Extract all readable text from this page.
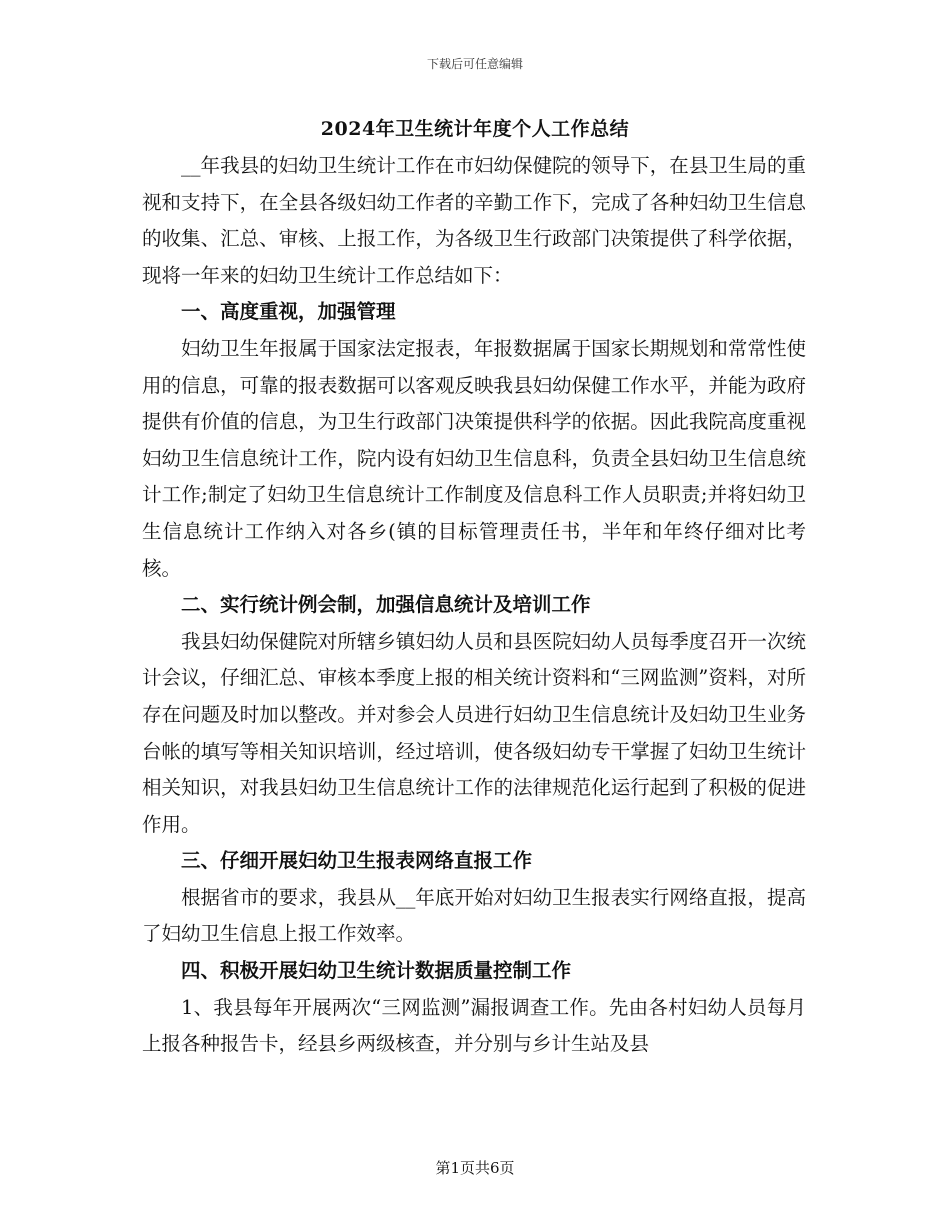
下载后可任意编辑
2024年卫生统计年度个人工作总结

__年我县的妇幼卫生统计工作在市妇幼保健院的领导下，在县卫生局的重视和支持下，在全县各级妇幼工作者的辛勤工作下，完成了各种妇幼卫生信息的收集、汇总、审核、上报工作，为各级卫生行政部门决策提供了科学依据，现将一年来的妇幼卫生统计工作总结如下：

一、高度重视，加强管理

妇幼卫生年报属于国家法定报表，年报数据属于国家长期规划和常常性使用的信息，可靠的报表数据可以客观反映我县妇幼保健工作水平，并能为政府提供有价值的信息，为卫生行政部门决策提供科学的依据。因此我院高度重视妇幼卫生信息统计工作，院内设有妇幼卫生信息科，负责全县妇幼卫生信息统计工作;制定了妇幼卫生信息统计工作制度及信息科工作人员职责;并将妇幼卫生信息统计工作纳入对各乡(镇的目标管理责任书，半年和年终仔细对比考核。

二、实行统计例会制，加强信息统计及培训工作

我县妇幼保健院对所辖乡镇妇幼人员和县医院妇幼人员每季度召开一次统计会议，仔细汇总、审核本季度上报的相关统计资料和“三网监测”资料，对所存在问题及时加以整改。并对参会人员进行妇幼卫生信息统计及妇幼卫生业务台帐的填写等相关知识培训，经过培训，使各级妇幼专干掌握了妇幼卫生统计相关知识，对我县妇幼卫生信息统计工作的法律规范化运行起到了积极的促进作用。

三、仔细开展妇幼卫生报表网络直报工作

根据省市的要求，我县从__年底开始对妇幼卫生报表实行网络直报，提高了妇幼卫生信息上报工作效率。

四、积极开展妇幼卫生统计数据质量控制工作

1、我县每年开展两次“三网监测”漏报调查工作。先由各村妇幼人员每月上报各种报告卡，经县乡两级核查，并分别与乡计生站及县

第1页共6页
